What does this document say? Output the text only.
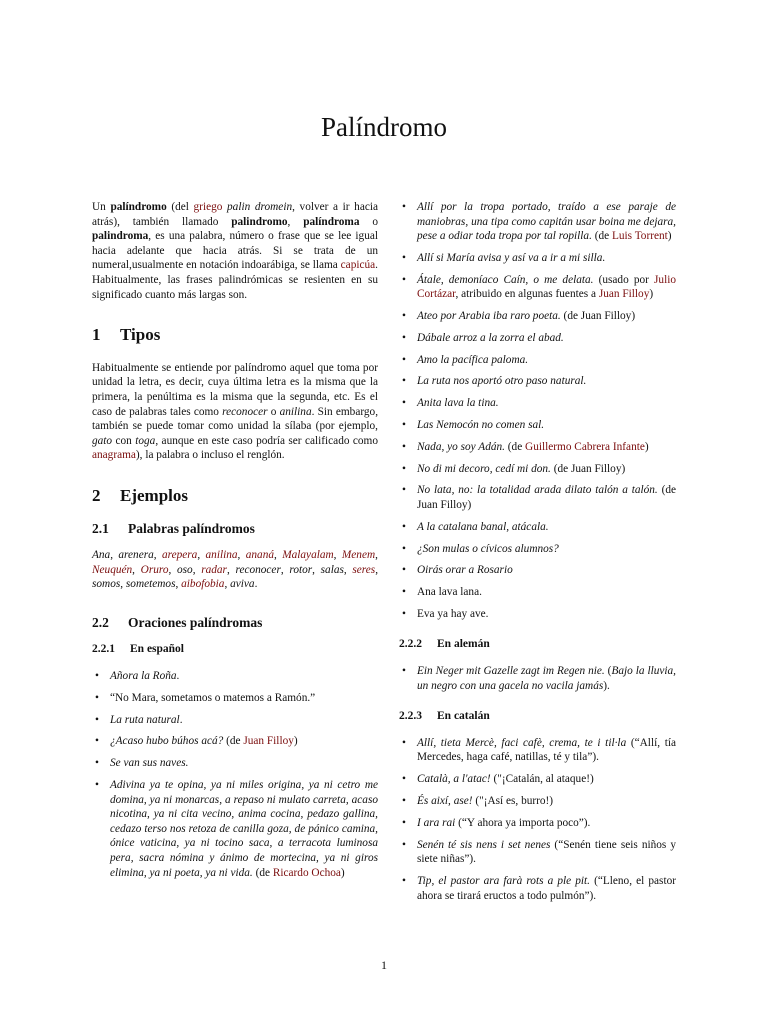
Palíndromo

Un palíndromo (del griego palin dromein, volver a ir hacia atrás), también llamado palindromo, palíndroma o palindroma, es una palabra, número o frase que se lee igual hacia adelante que hacia atrás. Si se trata de un numeral,usualmente en notación indoarábiga, se llama capicúa. Habitualmente, las frases palindrómicas se resienten en su significado cuanto más largas son.

1 Tipos

Habitualmente se entiende por palíndromo aquel que toma por unidad la letra, es decir, cuya última letra es la misma que la primera, la penúltima es la misma que la segunda, etc. Es el caso de palabras tales como reconocer o anilina. Sin embargo, también se puede tomar como unidad la sílaba (por ejemplo, gato con toga, aunque en este caso podría ser calificado como anagrama), la palabra o incluso el renglón.

2 Ejemplos
2.1 Palabras palíndromos

Ana, arenera, arepera, anilina, ananá, Malayalam, Menem, Neuquén, Oruro, oso, radar, reconocer, rotor, salas, seres, somos, sometemos, aibofobia, aviva.

2.2 Oraciones palíndromas
2.2.1 En español
• Añora la Roña.
• “No Mara, sometamos o matemos a Ramón.”
• La ruta natural.
• ¿Acaso hubo búhos acá? (de Juan Filloy)
• Se van sus naves.
• Adivina ya te opina, ya ni miles origina, ya ni cetro me domina, ya ni monarcas, a repaso ni mulato carreta, acaso nicotina, ya ni cita vecino, anima cocina, pedazo gallina, cedazo terso nos retoza de canilla goza, de pánico camina, ónice vaticina, ya ni tocino saca, a terracota luminosa pera, sacra nómina y ánimo de mortecina, ya ni giros elimina, ya ni poeta, ya ni vida. (de Ricardo Ochoa)
• Allí por la tropa portado, traído a ese paraje de maniobras, una tipa como capitán usar boina me dejara, pese a odiar toda tropa por tal ropilla. (de Luis Torrent)
• Allí si María avisa y así va a ir a mi silla.
• Átale, demoníaco Caín, o me delata. (usado por Julio Cortázar, atribuido en algunas fuentes a Juan Filloy)
• Ateo por Arabia iba raro poeta. (de Juan Filloy)
• Dábale arroz a la zorra el abad.
• Amo la pacífica paloma.
• La ruta nos aportó otro paso natural.
• Anita lava la tina.
• Las Nemocón no comen sal.
• Nada, yo soy Adán. (de Guillermo Cabrera Infante)
• No di mi decoro, cedí mi don. (de Juan Filloy)
• No lata, no: la totalidad arada dilato talón a talón. (de Juan Filloy)
• A la catalana banal, atácala.
• ¿Son mulas o cívicos alumnos?
• Oirás orar a Rosario
• Ana lava lana.
• Eva ya hay ave.
2.2.2 En alemán
• Ein Neger mit Gazelle zagt im Regen nie. (Bajo la lluvia, un negro con una gacela no vacila jamás).
2.2.3 En catalán
• Allí, tieta Mercè, faci cafè, crema, te i til·la (“Allí, tía Mercedes, haga café, natillas, té y tila”).
• Català, a l'atac! ("¡Catalán, al ataque!)
• És així, ase! ("¡Así es, burro!)
• I ara rai (“Y ahora ya importa poco”).
• Senén té sis nens i set nenes (“Senén tiene seis niños y siete niñas”).
• Tip, el pastor ara farà rots a ple pit. (“Lleno, el pastor ahora se tirará eructos a todo pulmón”).
1
